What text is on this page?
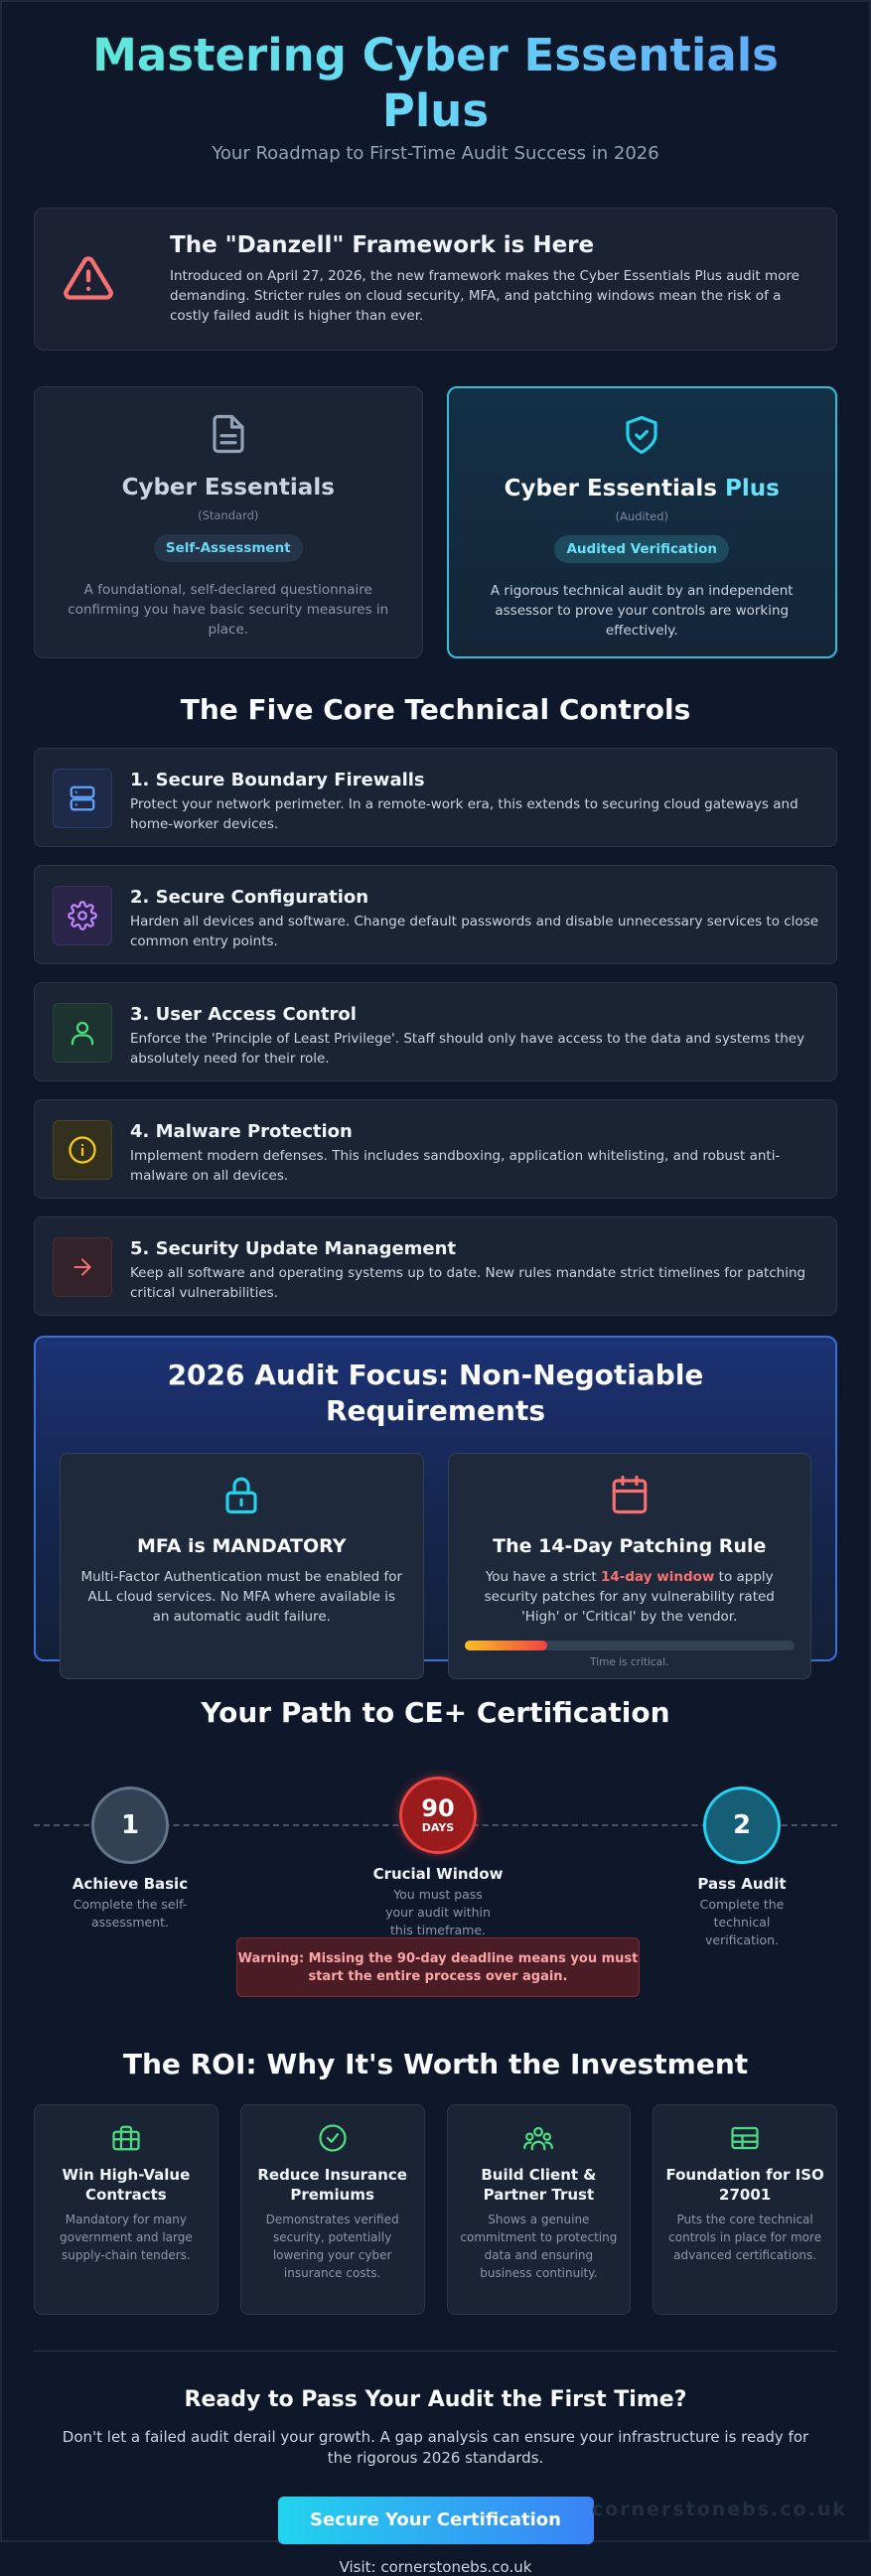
Mastering Cyber Essentials Plus
Your Roadmap to First-Time Audit Success in 2026
The "Danzell" Framework is Here

Introduced on April 27, 2026, the new framework makes the Cyber Essentials Plus audit more demanding. Stricter rules on cloud security, MFA, and patching windows mean the risk of a costly failed audit is higher than ever.

Cyber Essentials
(Standard)
Self-Assessment
A foundational, self-declared questionnaire confirming you have basic security measures in place.
Cyber Essentials Plus
(Audited)
Audited Verification
A rigorous technical audit by an independent assessor to prove your controls are working effectively.
The Five Core Technical Controls
1. Secure Boundary Firewalls

Protect your network perimeter. In a remote-work era, this extends to securing cloud gateways and home-worker devices.

2. Secure Configuration

Harden all devices and software. Change default passwords and disable unnecessary services to close common entry points.

3. User Access Control

Enforce the 'Principle of Least Privilege'. Staff should only have access to the data and systems they absolutely need for their role.

4. Malware Protection

Implement modern defenses. This includes sandboxing, application whitelisting, and robust anti-malware on all devices.

5. Security Update Management

Keep all software and operating systems up to date. New rules mandate strict timelines for patching critical vulnerabilities.

2026 Audit Focus: Non-Negotiable Requirements
MFA is MANDATORY

Multi-Factor Authentication must be enabled for ALL cloud services. No MFA where available is an automatic audit failure.

The 14-Day Patching Rule

You have a strict 14-day window to apply security patches for any vulnerability rated 'High' or 'Critical' by the vendor.

Time is critical.
Your Path to CE+ Certification
1
Achieve Basic

Complete the self-assessment.

90
DAYS
Crucial Window

You must pass your audit within this timeframe.

2
Pass Audit

Complete the technical verification.

Warning: Missing the 90-day deadline means you must start the entire process over again.
The ROI: Why It's Worth the Investment
Win High-Value Contracts

Mandatory for many government and large supply-chain tenders.

Reduce Insurance Premiums

Demonstrates verified security, potentially lowering your cyber insurance costs.

Build Client & Partner Trust

Shows a genuine commitment to protecting data and ensuring business continuity.

Foundation for ISO 27001

Puts the core technical controls in place for more advanced certifications.

Ready to Pass Your Audit the First Time?

Don't let a failed audit derail your growth. A gap analysis can ensure your infrastructure is ready for the rigorous 2026 standards.

Secure Your Certification
Visit: cornerstonebs.co.uk
cornerstonebs.co.uk
